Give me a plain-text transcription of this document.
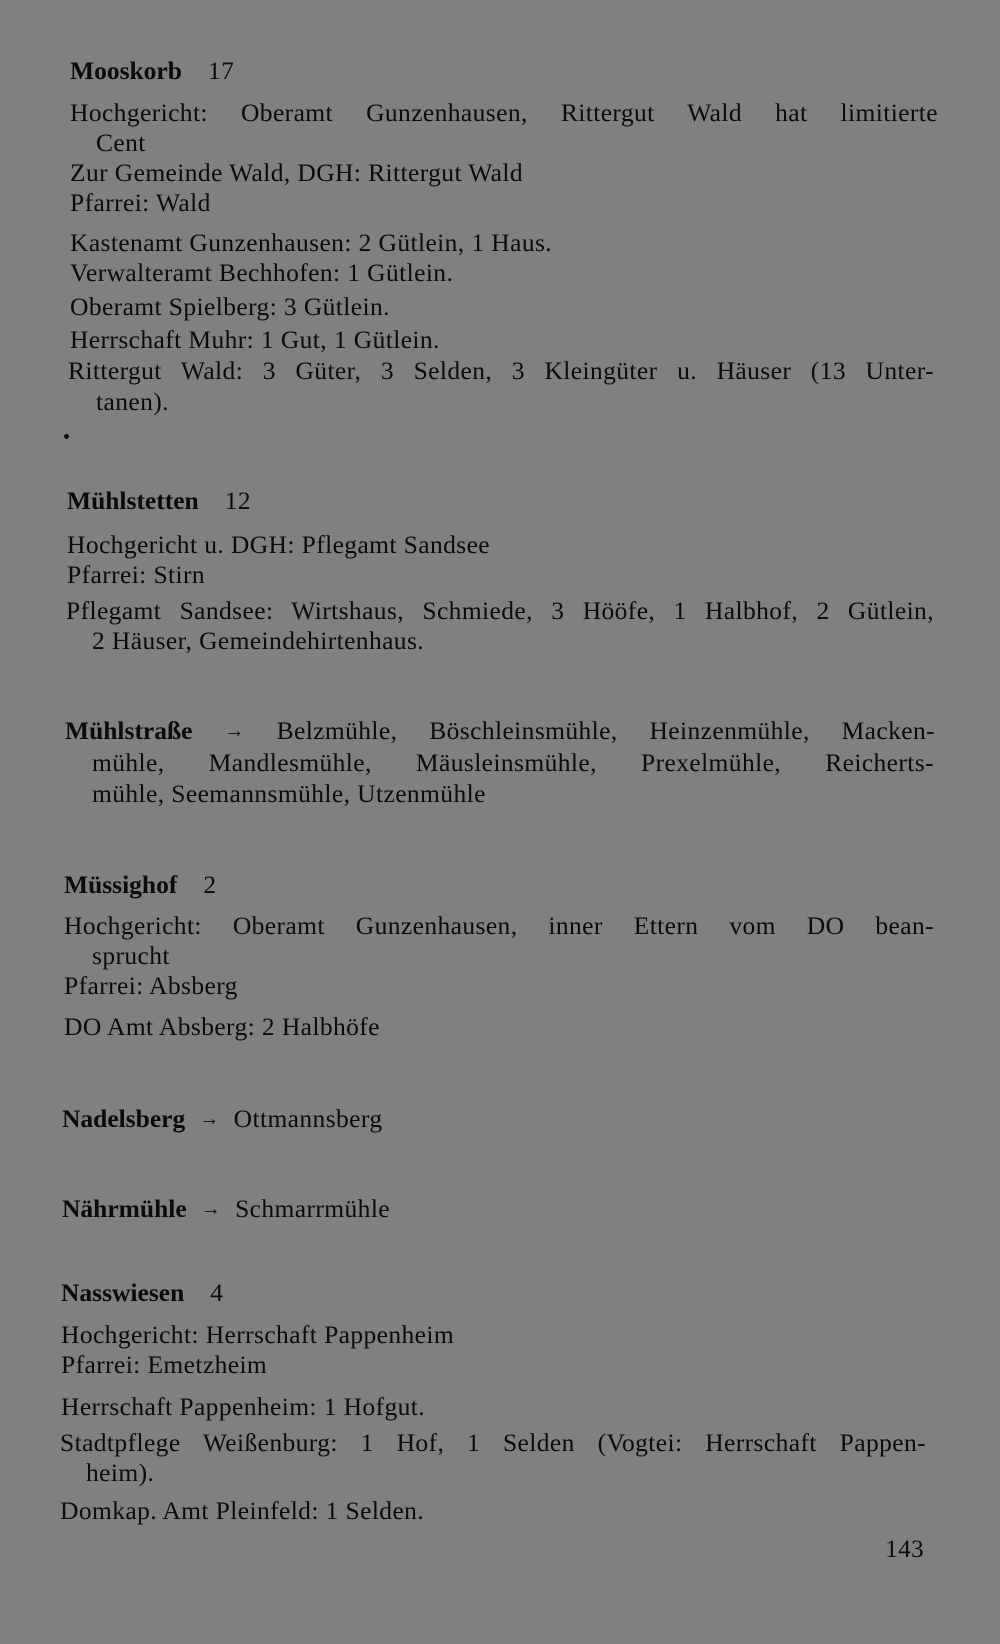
Mooskorb 17
Hochgericht: Oberamt Gunzenhausen, Rittergut Wald hat limitierte
Cent
Zur Gemeinde Wald, DGH: Rittergut Wald
Pfarrei: Wald
Kastenamt Gunzenhausen: 2 Gütlein, 1 Haus.
Verwalteramt Bechhofen: 1 Gütlein.
Oberamt Spielberg: 3 Gütlein.
Herrschaft Muhr: 1 Gut, 1 Gütlein.
Rittergut Wald: 3 Güter, 3 Selden, 3 Kleingüter u. Häuser (13 Unter-
tanen).
Mühlstetten 12
Hochgericht u. DGH: Pflegamt Sandsee
Pfarrei: Stirn
Pflegamt Sandsee: Wirtshaus, Schmiede, 3 Hööfe, 1 Halbhof, 2 Gütlein,
2 Häuser, Gemeindehirtenhaus.
Mühlstraße → Belzmühle, Böschleinsmühle, Heinzenmühle, Macken-
mühle, Mandlesmühle, Mäusleinsmühle, Prexelmühle, Reicherts-
mühle, Seemannsmühle, Utzenmühle
Müssighof 2
Hochgericht: Oberamt Gunzenhausen, inner Ettern vom DO bean-
sprucht
Pfarrei: Absberg
DO Amt Absberg: 2 Halbhöfe
Nadelsberg → Ottmannsberg
Nährmühle → Schmarrmühle
Nasswiesen 4
Hochgericht: Herrschaft Pappenheim
Pfarrei: Emetzheim
Herrschaft Pappenheim: 1 Hofgut.
Stadtpflege Weißenburg: 1 Hof, 1 Selden (Vogtei: Herrschaft Pappen-
heim).
Domkap. Amt Pleinfeld: 1 Selden.
143
